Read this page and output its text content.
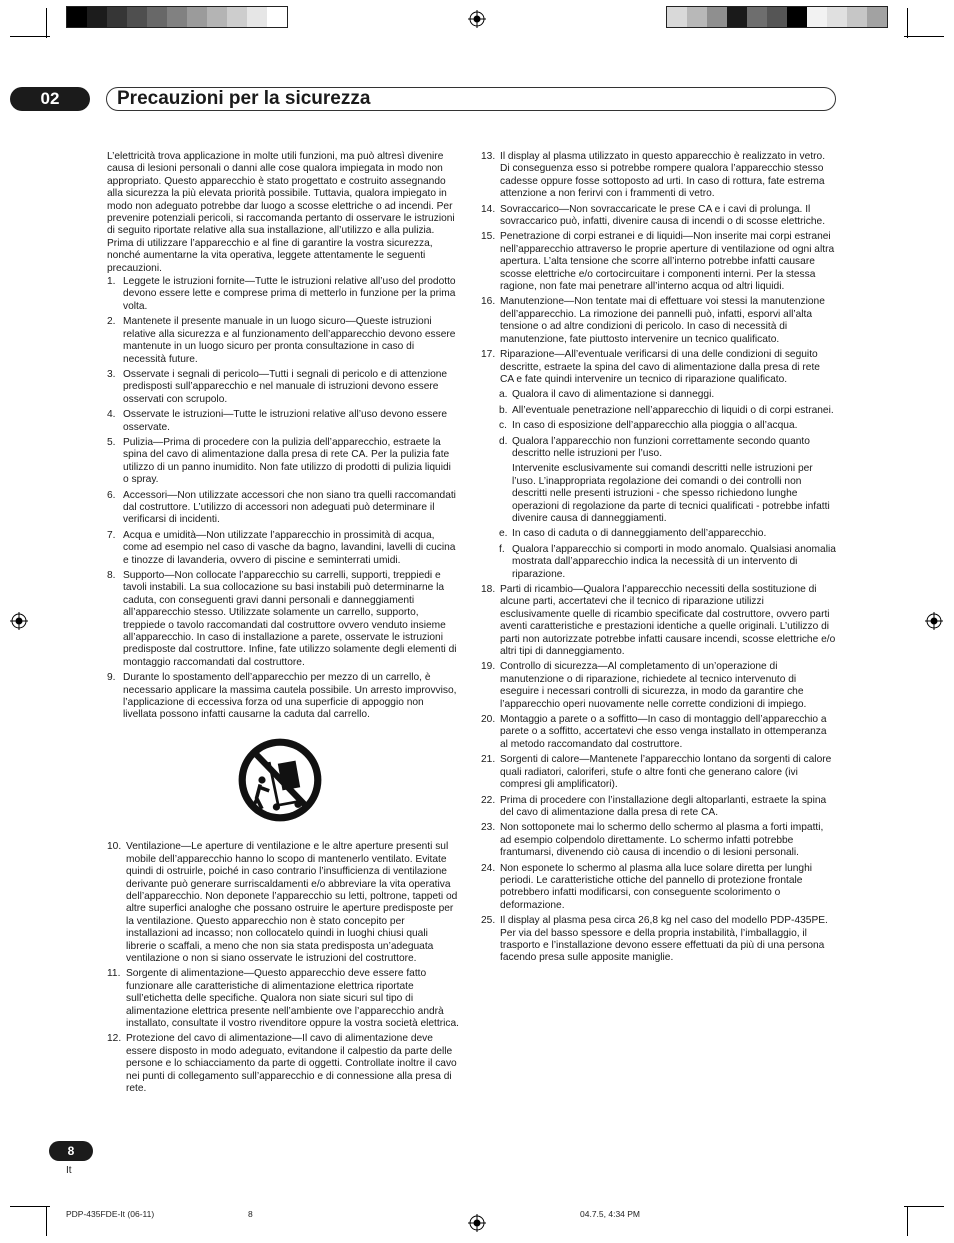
02	Precauzioni per la sicurezza

L’elettricità trova applicazione in molte utili funzioni, ma può altresì divenire causa di lesioni personali o danni alle cose qualora impiegata in modo non appropriato. Questo apparecchio è stato progettato e costruito assegnando alla sicurezza la più elevata priorità possibile. Tuttavia, qualora impiegato in modo non adeguato potrebbe dar luogo a scosse elettriche o ad incendi. Per prevenire potenziali pericoli, si raccomanda pertanto di osservare le istruzioni di seguito riportate relative alla sua installazione, all’utilizzo e alla pulizia. Prima di utilizzare l’apparecchio e al fine di garantire la vostra sicurezza, nonché aumentarne la vita operativa, leggete attentamente le seguenti precauzioni.

1. Leggete le istruzioni fornite—Tutte le istruzioni relative all’uso del prodotto devono essere lette e comprese prima di metterlo in funzione per la prima volta.
2. Mantenete il presente manuale in un luogo sicuro—Queste istruzioni relative alla sicurezza e al funzionamento dell’apparecchio devono essere mantenute in un luogo sicuro per pronta consultazione in caso di necessità future.
3. Osservate i segnali di pericolo—Tutti i segnali di pericolo e di attenzione predisposti sull’apparecchio e nel manuale di istruzioni devono essere osservati con scrupolo.
4. Osservate le istruzioni—Tutte le istruzioni relative all’uso devono essere osservate.
5. Pulizia—Prima di procedere con la pulizia dell’apparecchio, estraete la spina del cavo di alimentazione dalla presa di rete CA. Per la pulizia fate utilizzo di un panno inumidito. Non fate utilizzo di prodotti di pulizia liquidi o spray.
6. Accessori—Non utilizzate accessori che non siano tra quelli raccomandati dal costruttore. L’utilizzo di accessori non adeguati può determinare il verificarsi di incidenti.
7. Acqua e umidità—Non utilizzate l’apparecchio in prossimità di acqua, come ad esempio nel caso di vasche da bagno, lavandini, lavelli di cucina e tinozze di lavanderia, ovvero di piscine e seminterrati umidi.
8. Supporto—Non collocate l’apparecchio su carrelli, supporti, treppiedi e tavoli instabili. La sua collocazione su basi instabili può determinarne la caduta, con conseguenti gravi danni personali e danneggiamenti all’apparecchio stesso. Utilizzate solamente un carrello, supporto, treppiede o tavolo raccomandati dal costruttore ovvero venduto insieme all’apparecchio. In caso di installazione a parete, osservate le istruzioni predisposte dal costruttore. Infine, fate utilizzo solamente degli elementi di montaggio raccomandati dal costruttore.
9. Durante lo spostamento dell’apparecchio per mezzo di un carrello, è necessario applicare la massima cautela possibile. Un arresto improvviso, l’applicazione di eccessiva forza od una superficie di appoggio non livellata possono infatti causarne la caduta dal carrello.
10. Ventilazione—Le aperture di ventilazione e le altre aperture presenti sul mobile dell’apparecchio hanno lo scopo di mantenerlo ventilato. Evitate quindi di ostruirle, poiché in caso contrario l’insufficienza di ventilazione derivante può generare surriscaldamenti e/o abbreviare la vita operativa dell’apparecchio. Non deponete l’apparecchio su letti, poltrone, tappeti od altre superfici analoghe che possano ostruire le aperture predisposte per la ventilazione. Questo apparecchio non è stato concepito per installazioni ad incasso; non collocatelo quindi in luoghi chiusi quali librerie o scaffali, a meno che non sia stata predisposta un’adeguata ventilazione o non si siano osservate le istruzioni del costruttore.
11. Sorgente di alimentazione—Questo apparecchio deve essere fatto funzionare alle caratteristiche di alimentazione elettrica riportate sull’etichetta delle specifiche. Qualora non siate sicuri sul tipo di alimentazione elettrica presente nell’ambiente ove l’apparecchio andrà installato, consultate il vostro rivenditore oppure la vostra società elettrica.
12. Protezione del cavo di alimentazione—Il cavo di alimentazione deve essere disposto in modo adeguato, evitandone il calpestio da parte delle persone e lo schiacciamento da parte di oggetti. Controllate inoltre il cavo nei punti di collegamento sull’apparecchio e di connessione alla presa di rete.
13. Il display al plasma utilizzato in questo apparecchio è realizzato in vetro. Di conseguenza esso si potrebbe rompere qualora l’apparecchio stesso cadesse oppure fosse sottoposto ad urti. In caso di rottura, fate estrema attenzione a non ferirvi con i frammenti di vetro.
14. Sovraccarico—Non sovraccaricate le prese CA e i cavi di prolunga. Il sovraccarico può, infatti, divenire causa di incendi o di scosse elettriche.
15. Penetrazione di corpi estranei e di liquidi—Non inserite mai corpi estranei nell’apparecchio attraverso le proprie aperture di ventilazione od ogni altra apertura. L’alta tensione che scorre all’interno potrebbe infatti causare scosse elettriche e/o cortocircuitare i componenti interni. Per la stessa ragione, non fate mai penetrare all’interno acqua od altri liquidi.
16. Manutenzione—Non tentate mai di effettuare voi stessi la manutenzione dell’apparecchio. La rimozione dei pannelli può, infatti, esporvi all’alta tensione o ad altre condizioni di pericolo. In caso di necessità di manutenzione, fate piuttosto intervenire un tecnico qualificato.
17. Riparazione—All’eventuale verificarsi di una delle condizioni di seguito descritte, estraete la spina del cavo di alimentazione dalla presa di rete CA e fate quindi intervenire un tecnico di riparazione qualificato.
a. Qualora il cavo di alimentazione si danneggi.
b. All’eventuale penetrazione nell’apparecchio di liquidi o di corpi estranei.
c. In caso di esposizione dell’apparecchio alla pioggia o all’acqua.
d. Qualora l’apparecchio non funzioni correttamente secondo quanto descritto nelle istruzioni per l’uso.

Intervenite esclusivamente sui comandi descritti nelle istruzioni per l’uso. L’inappropriata regolazione dei comandi o dei controlli non descritti nelle presenti istruzioni - che spesso richiedono lunghe operazioni di regolazione da parte di tecnici qualificati - potrebbe infatti divenire causa di danneggiamenti.

e. In caso di caduta o di danneggiamento dell’apparecchio.
f. Qualora l’apparecchio si comporti in modo anomalo. Qualsiasi anomalia mostrata dall’apparecchio indica la necessità di un intervento di riparazione.
18. Parti di ricambio—Qualora l’apparecchio necessiti della sostituzione di alcune parti, accertatevi che il tecnico di riparazione utilizzi esclusivamente quelle di ricambio specificate dal costruttore, ovvero parti aventi caratteristiche e prestazioni identiche a quelle originali. L’utilizzo di parti non autorizzate potrebbe infatti causare incendi, scosse elettriche e/o altri tipi di danneggiamento.
19. Controllo di sicurezza—Al completamento di un’operazione di manutenzione o di riparazione, richiedete al tecnico intervenuto di eseguire i necessari controlli di sicurezza, in modo da garantire che l’apparecchio operi nuovamente nelle corrette condizioni di impiego.
20. Montaggio a parete o a soffitto—In caso di montaggio dell’apparecchio a parete o a soffitto, accertatevi che esso venga installato in ottemperanza al metodo raccomandato dal costruttore.
21. Sorgenti di calore—Mantenete l’apparecchio lontano da sorgenti di calore quali radiatori, caloriferi, stufe o altre fonti che generano calore (ivi compresi gli amplificatori).
22. Prima di procedere con l’installazione degli altoparlanti, estraete la spina del cavo di alimentazione dalla presa di rete CA.
23. Non sottoponete mai lo schermo dello schermo al plasma a forti impatti, ad esempio colpendolo direttamente. Lo schermo infatti potrebbe frantumarsi, divenendo ciò causa di incendio o di lesioni personali.
24. Non esponete lo schermo al plasma alla luce solare diretta per lunghi periodi. Le caratteristiche ottiche del pannello di protezione frontale potrebbero infatti modificarsi, con conseguente scolorimento o deformazione.
25. Il display al plasma pesa circa 26,8 kg nel caso del modello PDP-435PE. Per via del basso spessore e della propria instabilità, l’imballaggio, il trasporto e l’installazione devono essere effettuati da più di una persona facendo presa sulle apposite maniglie.
8
It
PDP-435FDE-It (06-11)	8	04.7.5, 4:34 PM
